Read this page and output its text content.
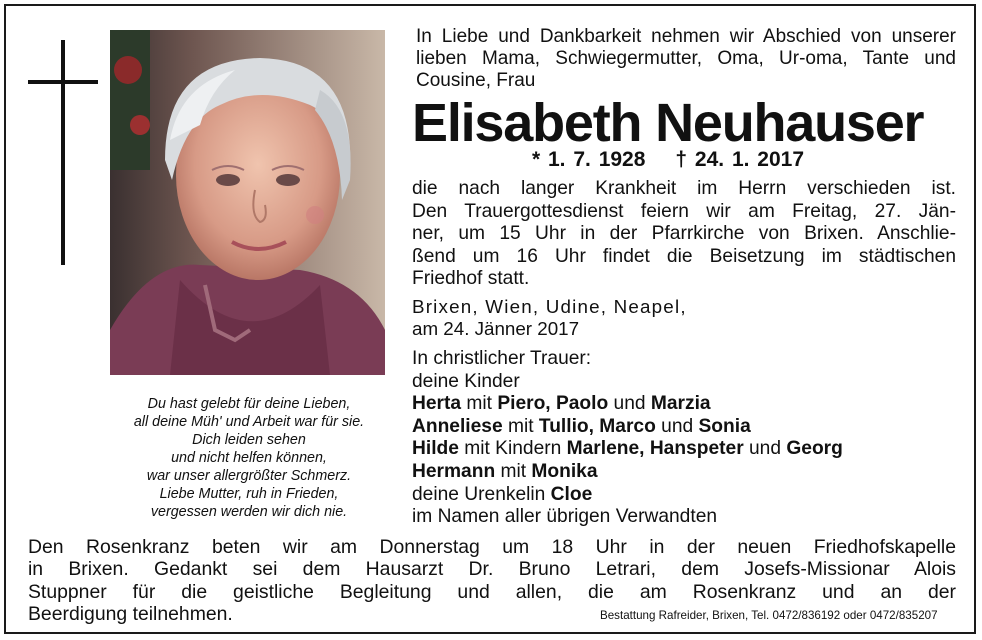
Du hast gelebt für deine Lieben,
all deine Müh' und Arbeit war für sie.
Dich leiden sehen
und nicht helfen können,
war unser allergrößter Schmerz.
Liebe Mutter, ruh in Frieden,
vergessen werden wir dich nie.
In Liebe und Dankbarkeit nehmen wir Abschied von unserer lieben Mama, Schwiegermutter, Oma, Ur-oma, Tante und Cousine, Frau
Elisabeth Neuhauser
* 1. 7. 1928 † 24. 1. 2017
die nach langer Krankheit im Herrn verschieden ist.
Den Trauergottesdienst feiern wir am Freitag, 27. Jän-
ner, um 15 Uhr in der Pfarrkirche von Brixen. Anschlie-
ßend um 16 Uhr findet die Beisetzung im städtischen
Friedhof statt.
Brixen, Wien, Udine, Neapel,
am 24. Jänner 2017
In christlicher Trauer:
deine Kinder
Herta mit Piero, Paolo und Marzia
Anneliese mit Tullio, Marco und Sonia
Hilde mit Kindern Marlene, Hanspeter und Georg
Hermann mit Monika
deine Urenkelin Cloe
im Namen aller übrigen Verwandten
Den Rosenkranz beten wir am Donnerstag um 18 Uhr in der neuen Friedhofskapelle
in Brixen. Gedankt sei dem Hausarzt Dr. Bruno Letrari, dem Josefs-Missionar Alois
Stuppner für die geistliche Begleitung und allen, die am Rosenkranz und an der
Beerdigung teilnehmen.	Bestattung Rafreider, Brixen, Tel. 0472/836192 oder 0472/835207
